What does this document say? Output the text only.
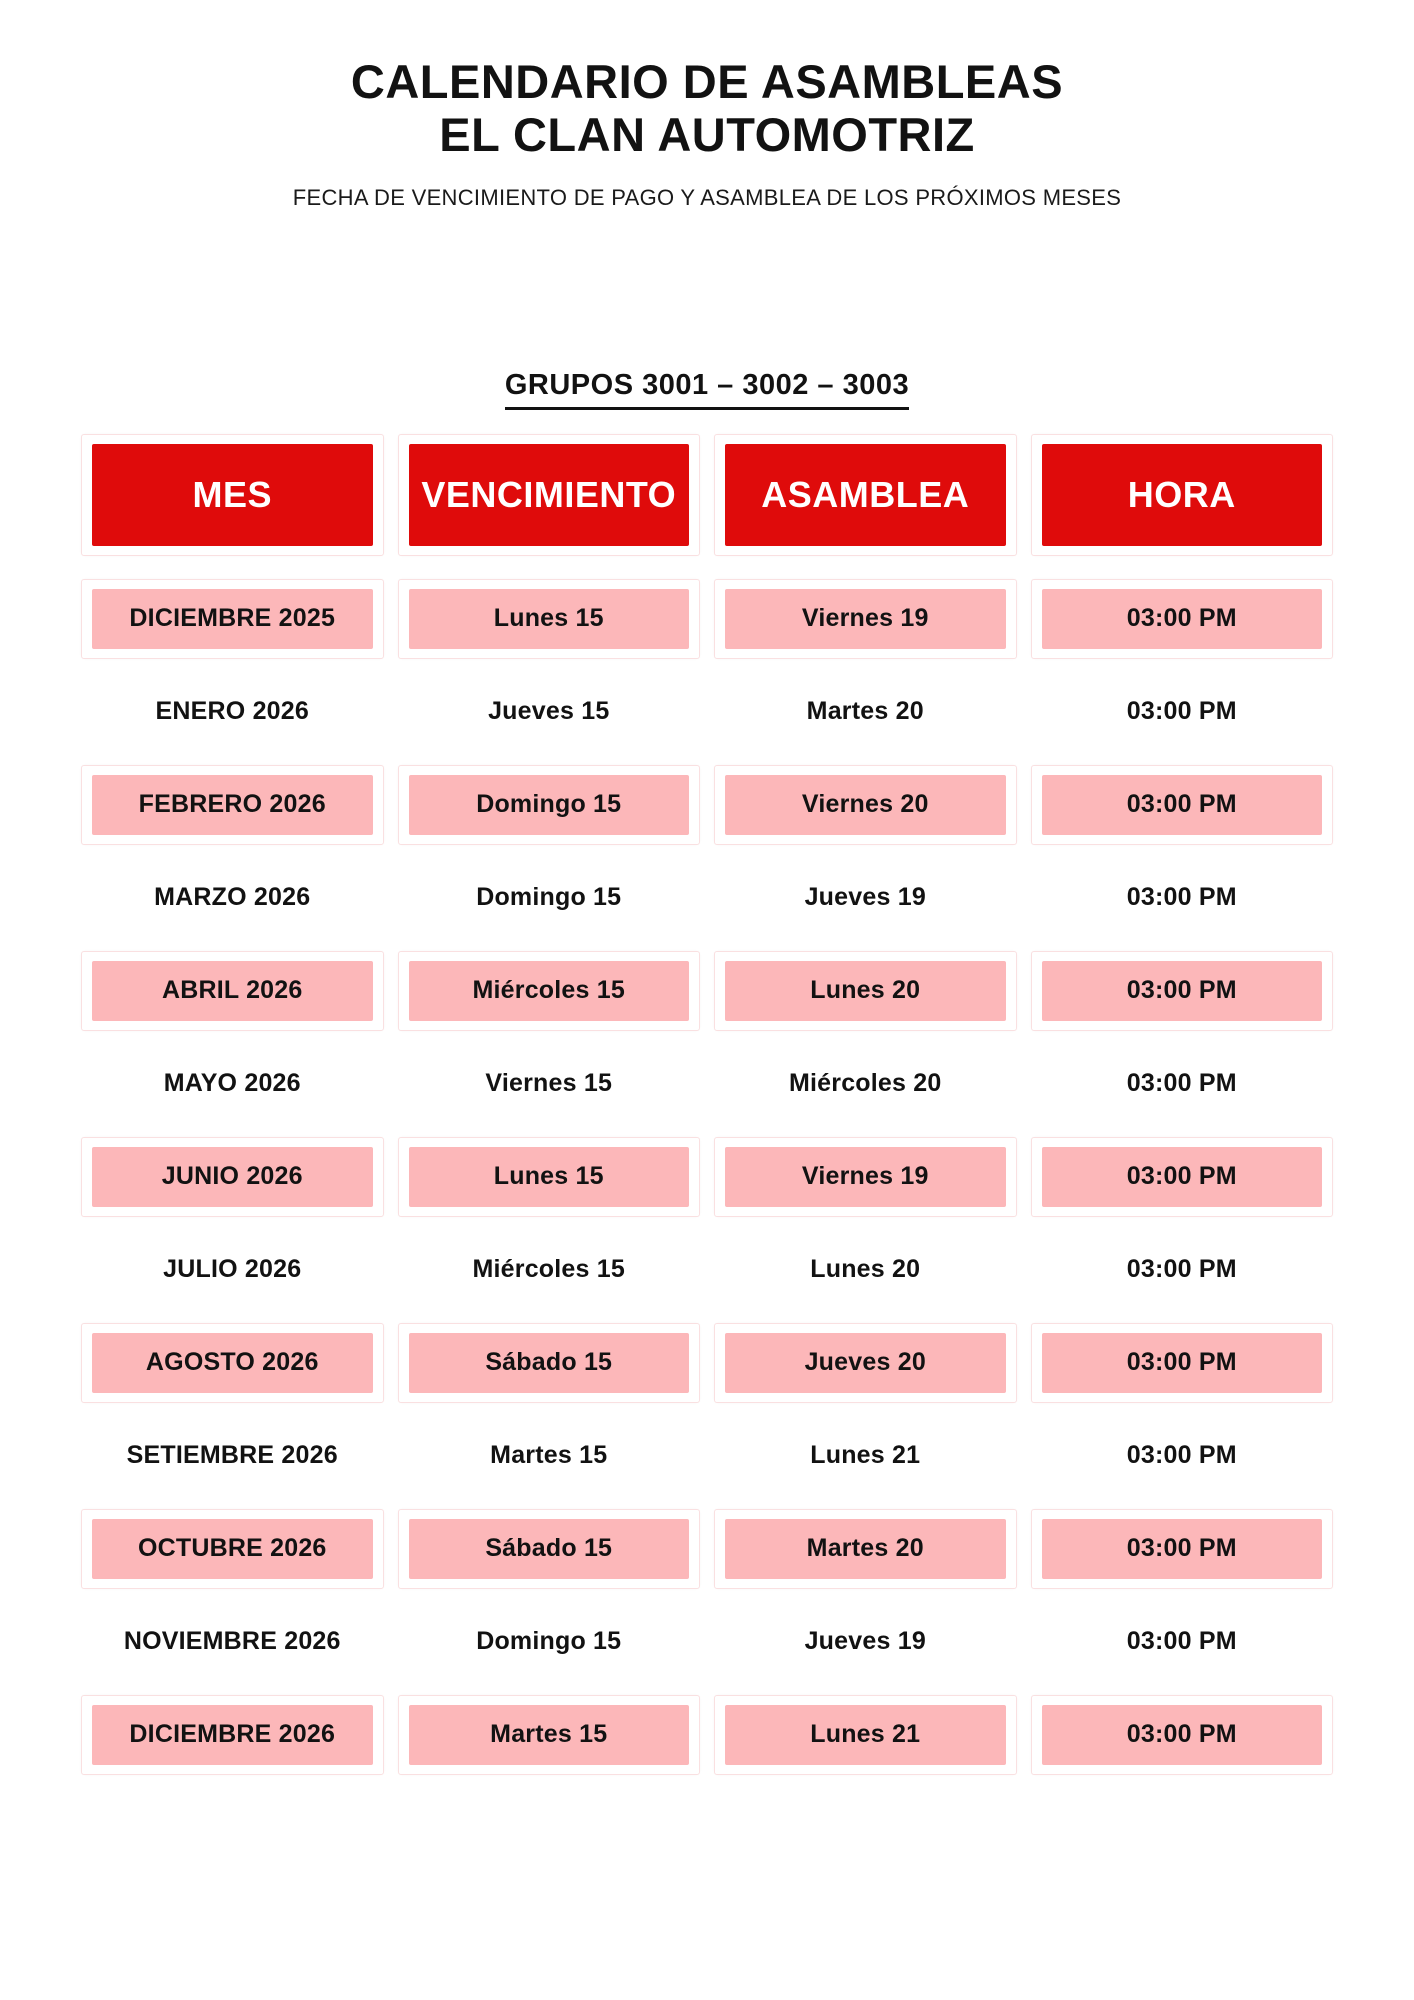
CALENDARIO DE ASAMBLEAS
EL CLAN AUTOMOTRIZ
FECHA DE VENCIMIENTO DE PAGO Y ASAMBLEA DE LOS PRÓXIMOS MESES
GRUPOS 3001 – 3002 – 3003
MES	VENCIMIENTO	ASAMBLEA	HORA
DICIEMBRE 2025	Lunes 15	Viernes 19	03:00 PM
ENERO 2026	Jueves 15	Martes 20	03:00 PM
FEBRERO 2026	Domingo 15	Viernes 20	03:00 PM
MARZO 2026	Domingo 15	Jueves 19	03:00 PM
ABRIL 2026	Miércoles 15	Lunes 20	03:00 PM
MAYO 2026	Viernes 15	Miércoles 20	03:00 PM
JUNIO 2026	Lunes 15	Viernes 19	03:00 PM
JULIO 2026	Miércoles 15	Lunes 20	03:00 PM
AGOSTO 2026	Sábado 15	Jueves 20	03:00 PM
SETIEMBRE 2026	Martes 15	Lunes 21	03:00 PM
OCTUBRE 2026	Sábado 15	Martes 20	03:00 PM
NOVIEMBRE 2026	Domingo 15	Jueves 19	03:00 PM
DICIEMBRE 2026	Martes 15	Lunes 21	03:00 PM
